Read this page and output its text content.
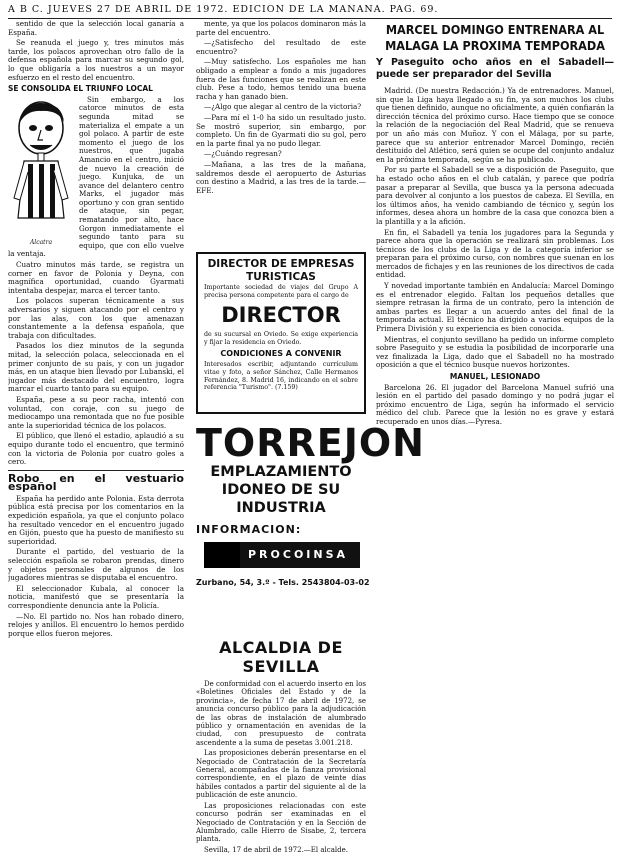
A B C. JUEVES 27 DE ABRIL DE 1972. EDICION DE LA MAÑANA. PAG. 69.

sentido de que la selección local ganaría a España.

Se reanuda el juego y, tres minutos más tarde, los polacos aprovechan otro fallo de la defensa española para marcar su segundo gol, lo que obligaría a los nuestros a un mayor esfuerzo en el resto del encuentro.

SE CONSOLIDA EL TRIUNFO LOCAL
Alcatra

Sin embargo, a los catorce minutos de esta segunda mitad se materializa el empate a un gol polaco. A partir de este momento el juego de los nuestros, que jugaba Amancio en el centro, inició de nuevo la creación de juego. Kunjuka, de un avance del delantero centro Marks, el jugador más oportuno y con gran sentido de ataque, sin pegar, rematando por alto, hace Gorgon inmediatamente el segundo tanto para su equipo, que con ello vuelve la ventaja.

Cuatro minutos más tarde, se registra un corner en favor de Polonia y Deyna, con magnífica oportunidad, cuando Gyarmati intentaba despejar, marca el tercer tanto.

Los polacos superan técnicamente a sus adversarios y siguen atacando por el centro y por las alas, con los que amenazan constantemente a la defensa española, que trabaja con dificultades.

Pasados los diez minutos de la segunda mitad, la selección polaca, seleccionada en el primer conjunto de su país, y con un jugador más, en un ataque bien llevado por Lubanski, el jugador más destacado del encuentro, logra marcar el cuarto tanto para su equipo.

España, pese a su peor racha, intentó con voluntad, con coraje, con su juego de mediocampo una remontada que no fue posible ante la superioridad técnica de los polacos.

El público, que llenó el estadio, aplaudió a su equipo durante todo el encuentro, que terminó con la victoria de Polonia por cuatro goles a cero.

Robo en el vestuario español

España ha perdido ante Polonia. Esta derrota pública está precisa por los comentarios en la expedición española, ya que el conjunto polaco ha resultado vencedor en el encuentro jugado en Gijón, puesto que ha puesto de manifiesto su superioridad.

Durante el partido, del vestuario de la selección española se robaron prendas, dinero y objetos personales de algunos de los jugadores mientras se disputaba el encuentro.

El seleccionador Kubala, al conocer la noticia, manifestó que se presentaría la correspondiente denuncia ante la Policía.

—No. El partido no. Nos han robado dinero, relojes y anillos. El encuentro lo hemos perdido porque ellos fueron mejores.

mente, ya que los polacos dominaron más la parte del encuentro.

—¿Satisfecho del resultado de este encuentro?

—Muy satisfecho. Los españoles me han obligado a emplear a fondo a mis jugadores fuera de las funciones que se realizan en este club. Pese a todo, hemos tenido una buena racha y han ganado bien.

—¿Algo que alegar al centro de la victoria?

—Para mí el 1-0 ha sido un resultado justo. Se mostró superior, sin embargo, por completo. Un fin de Gyarmati dio su gol, pero en la parte final ya no pudo llegar.

—¿Cuándo regresan?

—Mañana, a las tres de la mañana, saldremos desde el aeropuerto de Asturias con destino a Madrid, a las tres de la tarde.—EFE.

DIRECTOR DE EMPRESAS TURISTICAS
Importante sociedad de viajes del Grupo A precisa persona competente para el cargo de
DIRECTOR
de su sucursal en Oviedo. Se exige experiencia y fijar la residencia en Oviedo.
CONDICIONES A CONVENIR
Interesados escribir, adjuntando currículum vitae y foto, a señor Sánchez, Calle Hermanos Fernández, 8. Madrid 16, indicando en el sobre referencia "Turismo". (7.159)
TORREJON
EMPLAZAMIENTO IDONEO DE SU INDUSTRIA
INFORMACION:
PROCOINSA
Zurbano, 54, 3.º - Tels. 2543804-03-02
ALCALDIA DE SEVILLA

De conformidad con el acuerdo inserto en los «Boletines Oficiales del Estado y de la provincia», de fecha 17 de abril de 1972, se anuncia concurso público para la adjudicación de las obras de instalación de alumbrado público y ornamentación en avenidas de la ciudad, con presupuesto de contrata ascendente a la suma de pesetas 3.001.218.

Las proposiciones deberán presentarse en el Negociado de Contratación de la Secretaría General, acompañadas de la fianza provisional correspondiente, en el plazo de veinte días hábiles contados a partir del siguiente al de la publicación de este anuncio.

Las proposiciones relacionadas con este concurso podrán ser examinadas en el Negociado de Contratación y en la Sección de Alumbrado, calle Hierro de Sisabe, 2, tercera planta.

Sevilla, 17 de abril de 1972.—El alcalde.

MARCEL DOMINGO ENTRENARA AL MALAGA LA PROXIMA TEMPORADA
Y Paseguito ocho años en el Sabadell—puede ser preparador del Sevilla

Madrid. (De nuestra Redacción.) Ya de entrenadores. Manuel, sin que la Liga haya llegado a su fin, ya son muchos los clubs que tienen definido, aunque no oficialmente, a quién confiarán la dirección técnica del próximo curso. Hace tiempo que se conoce la relación de la negociación del Real Madrid, que se renueva por un año más con Muñoz. Y con el Málaga, por su parte, parece que su anterior entrenador Marcel Domingo, recién destituido del Atlético, será quien se ocupe del conjunto andaluz en la próxima temporada, según se ha publicado.

Por su parte el Sabadell se ve a disposición de Paseguito, que ha estado ocho años en el club catalán, y parece que podría pasar a preparar al Sevilla, que busca ya la persona adecuada para devolver al conjunto a los puestos de cabeza. El Sevilla, en los últimos años, ha venido cambiando de técnico y, según los informes, desea ahora un hombre de la casa que conozca bien a la plantilla y a la afición.

En fin, el Sabadell ya tenía los jugadores para la Segunda y parece ahora que la operación se realizará sin problemas. Los técnicos de los clubs de la Liga y de la categoría inferior se preparan para el próximo curso, con nombres que suenan en los mercados de fichajes y en las reuniones de los directivos de cada entidad.

Y novedad importante también en Andalucía: Marcel Domingo es el entrenador elegido. Faltan los pequeños detalles que siempre retrasan la firma de un contrato, pero la intención de ambas partes es llegar a un acuerdo antes del final de la temporada actual. El técnico ha dirigido a varios equipos de la Primera División y su experiencia es bien conocida.

Mientras, el conjunto sevillano ha pedido un informe completo sobre Paseguito y se estudia la posibilidad de incorporarle una vez finalizada la Liga, dado que el Sabadell no ha mostrado oposición a que el técnico busque nuevos horizontes.

MANUEL, LESIONADO

Barcelona 26. El jugador del Barcelona Manuel sufrió una lesión en el partido del pasado domingo y no podrá jugar el próximo encuentro de Liga, según ha informado el servicio médico del club. Parece que la lesión no es grave y estará recuperado en unos días.—Pyresa.
